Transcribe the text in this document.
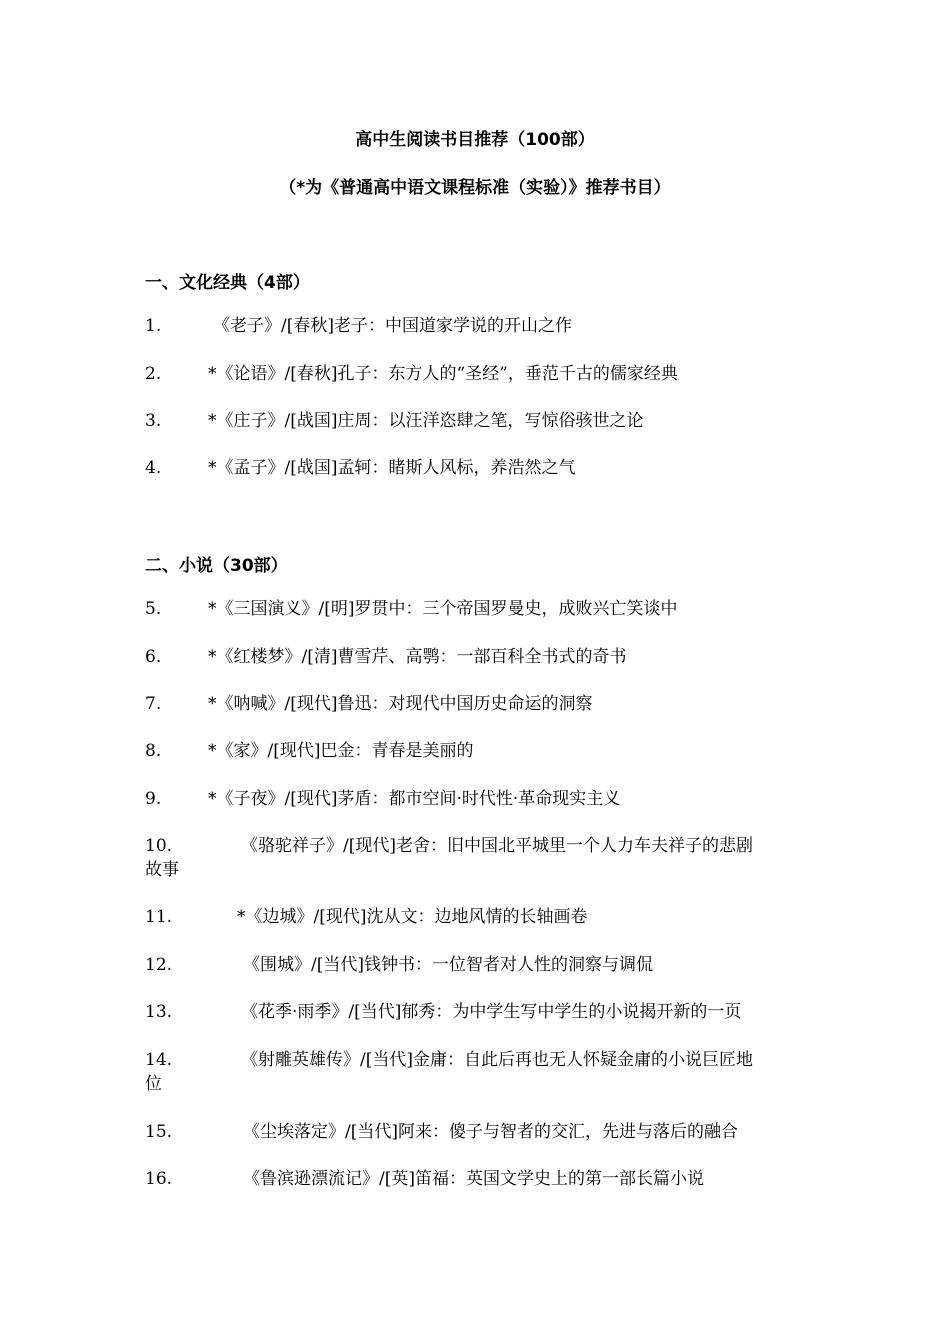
高中生阅读书目推荐（100部）
（*为《普通高中语文课程标准（实验）》推荐书目）
一、文化经典（4部）
1.	《老子》/[春秋]老子：中国道家学说的开山之作
2.	*《论语》/[春秋]孔子：东方人的“圣经”，垂范千古的儒家经典
3.	*《庄子》/[战国]庄周：以汪洋恣肆之笔，写惊俗骇世之论
4.	*《孟子》/[战国]孟轲：睹斯人风标，养浩然之气
二、小说（30部）
5.	*《三国演义》/[明]罗贯中：三个帝国罗曼史，成败兴亡笑谈中
6.	*《红楼梦》/[清]曹雪芹、高鹗：一部百科全书式的奇书
7.	*《呐喊》/[现代]鲁迅：对现代中国历史命运的洞察
8.	*《家》/[现代]巴金：青春是美丽的
9.	*《子夜》/[现代]茅盾：都市空间·时代性·革命现实主义
10.	《骆驼祥子》/[现代]老舍：旧中国北平城里一个人力车夫祥子的悲剧
故事
11.	*《边城》/[现代]沈从文：边地风情的长轴画卷
12.	《围城》/[当代]钱钟书：一位智者对人性的洞察与调侃
13.	《花季·雨季》/[当代]郁秀：为中学生写中学生的小说揭开新的一页
14.	《射雕英雄传》/[当代]金庸：自此后再也无人怀疑金庸的小说巨匠地
位
15.	《尘埃落定》/[当代]阿来：傻子与智者的交汇，先进与落后的融合
16.	《鲁滨逊漂流记》/[英]笛福：英国文学史上的第一部长篇小说
